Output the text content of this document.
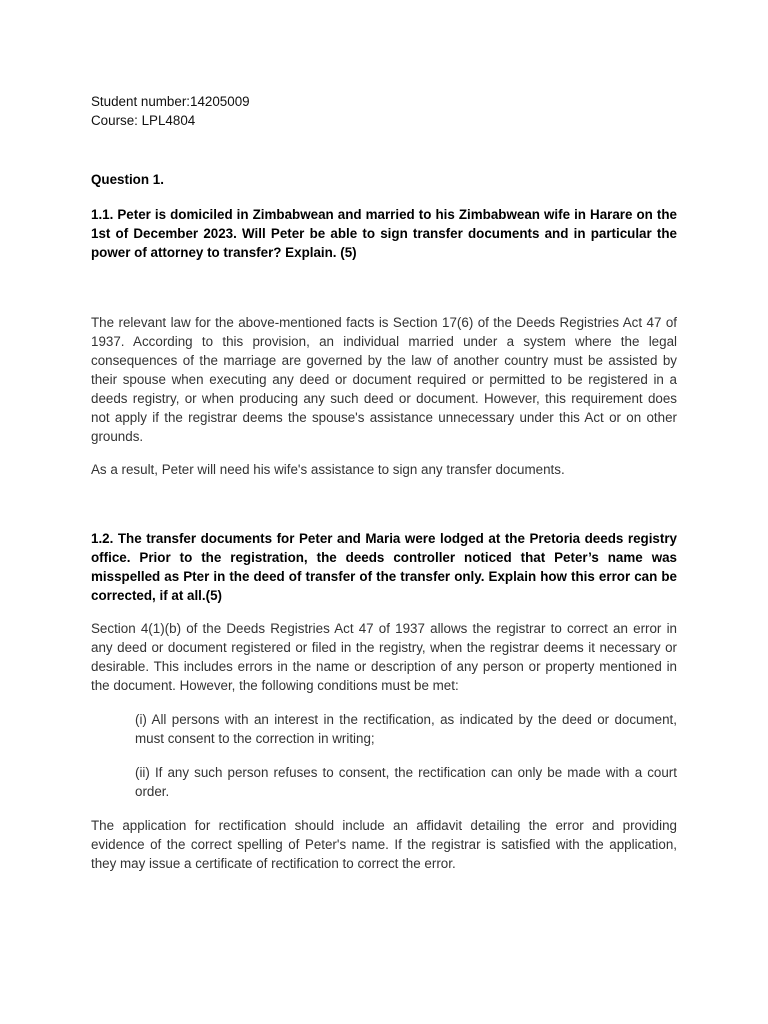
Student number:14205009

Course: LPL4804

Question 1.

1.1. Peter is domiciled in Zimbabwean and married to his Zimbabwean wife in Harare on the 1st of December 2023. Will Peter be able to sign transfer documents and in particular the power of attorney to transfer? Explain. (5)

The relevant law for the above-mentioned facts is Section 17(6) of the Deeds Registries Act 47 of 1937. According to this provision, an individual married under a system where the legal consequences of the marriage are governed by the law of another country must be assisted by their spouse when executing any deed or document required or permitted to be registered in a deeds registry, or when producing any such deed or document. However, this requirement does not apply if the registrar deems the spouse's assistance unnecessary under this Act or on other grounds.

As a result, Peter will need his wife's assistance to sign any transfer documents.

1.2. The transfer documents for Peter and Maria were lodged at the Pretoria deeds registry office. Prior to the registration, the deeds controller noticed that Peter’s name was misspelled as Pter in the deed of transfer of the transfer only. Explain how this error can be corrected, if at all.(5)

Section 4(1)(b) of the Deeds Registries Act 47 of 1937 allows the registrar to correct an error in any deed or document registered or filed in the registry, when the registrar deems it necessary or desirable. This includes errors in the name or description of any person or property mentioned in the document. However, the following conditions must be met:

(i) All persons with an interest in the rectification, as indicated by the deed or document, must consent to the correction in writing;

(ii) If any such person refuses to consent, the rectification can only be made with a court order.

The application for rectification should include an affidavit detailing the error and providing evidence of the correct spelling of Peter's name. If the registrar is satisfied with the application, they may issue a certificate of rectification to correct the error.
